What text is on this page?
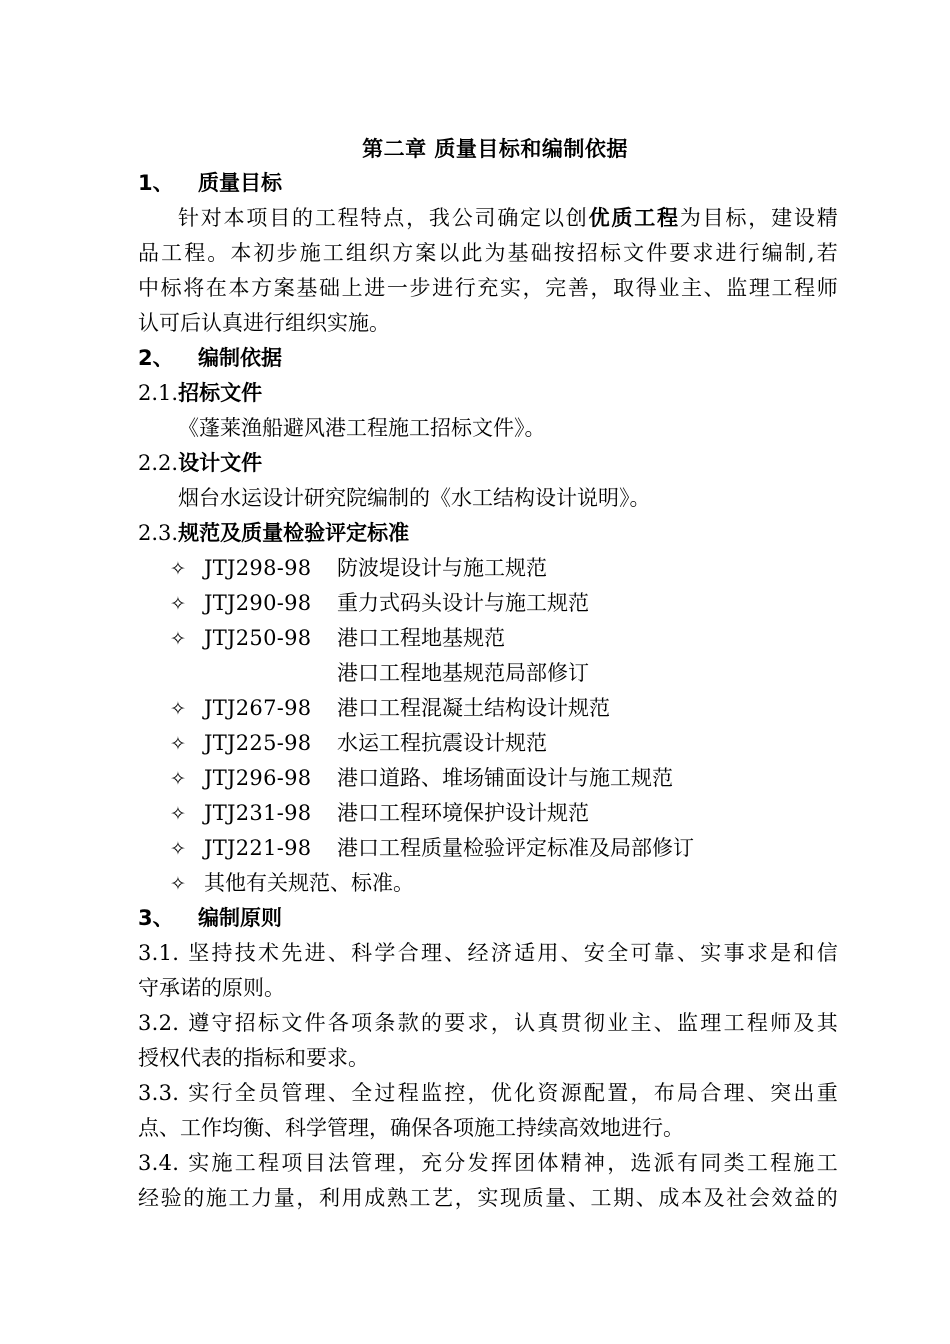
第二章 质量目标和编制依据
1、 质量目标
针对本项目的工程特点，我公司确定以创优质工程为目标，建设精
品工程。本初步施工组织方案以此为基础按招标文件要求进行编制,若
中标将在本方案基础上进一步进行充实，完善，取得业主、监理工程师
认可后认真进行组织实施。
2、 编制依据
2.1.招标文件
《蓬莱渔船避风港工程施工招标文件》。
2.2.设计文件
烟台水运设计研究院编制的《水工结构设计说明》。
2.3.规范及质量检验评定标准
✧ JTJ298-98 防波堤设计与施工规范
✧ JTJ290-98 重力式码头设计与施工规范
✧ JTJ250-98 港口工程地基规范
港口工程地基规范局部修订
✧ JTJ267-98 港口工程混凝土结构设计规范
✧ JTJ225-98 水运工程抗震设计规范
✧ JTJ296-98 港口道路、堆场铺面设计与施工规范
✧ JTJ231-98 港口工程环境保护设计规范
✧ JTJ221-98 港口工程质量检验评定标准及局部修订
✧ 其他有关规范、标准。
3、 编制原则
3.1. 坚持技术先进、科学合理、经济适用、安全可靠、实事求是和信
守承诺的原则。
3.2. 遵守招标文件各项条款的要求，认真贯彻业主、监理工程师及其
授权代表的指标和要求。
3.3. 实行全员管理、全过程监控，优化资源配置，布局合理、突出重
点、工作均衡、科学管理，确保各项施工持续高效地进行。
3.4. 实施工程项目法管理，充分发挥团体精神，选派有同类工程施工
经验的施工力量，利用成熟工艺，实现质量、工期、成本及社会效益的
